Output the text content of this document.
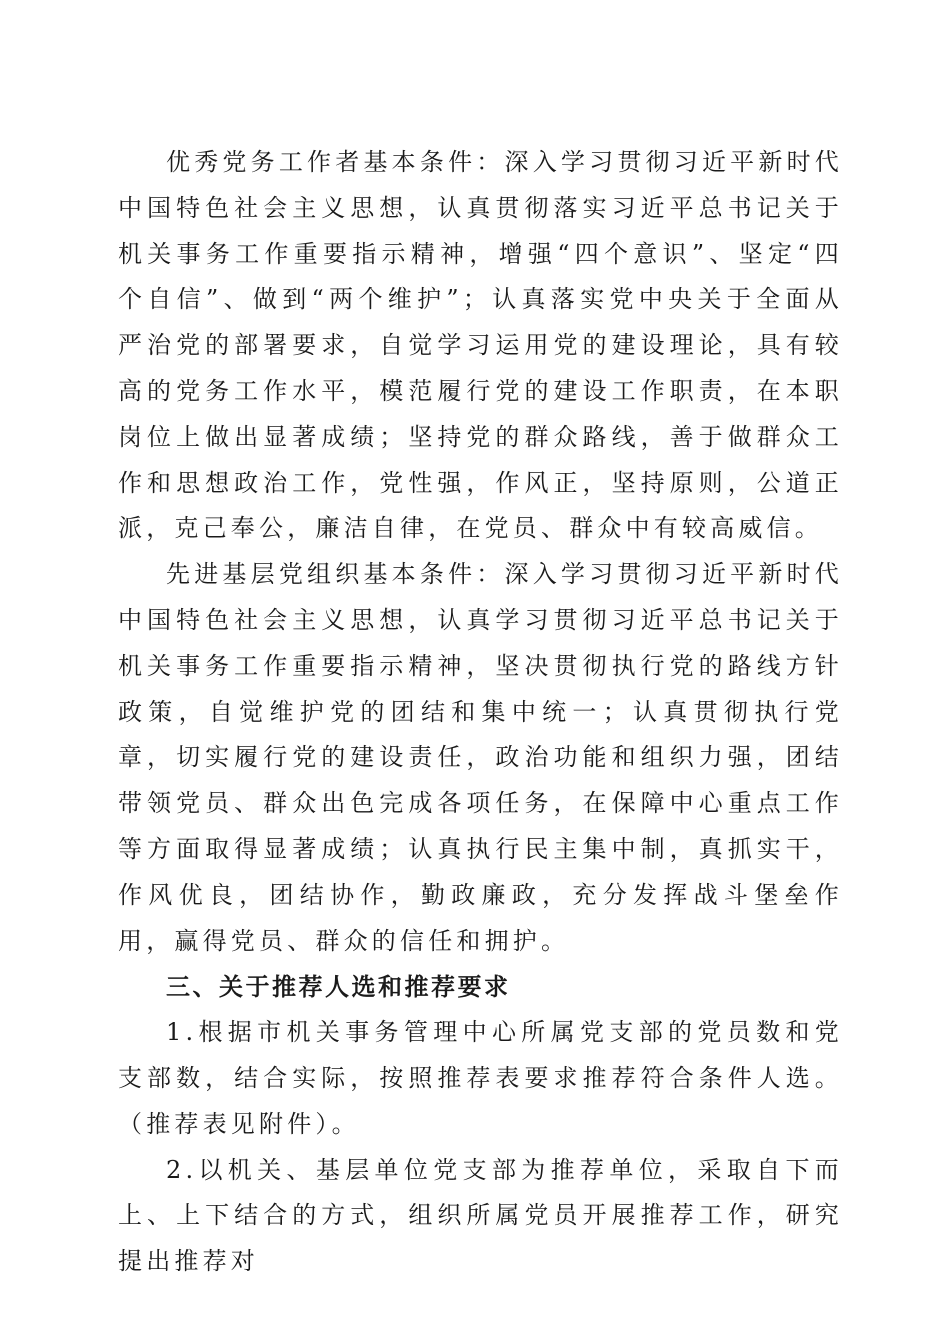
优秀党务工作者基本条件：深入学习贯彻习近平新时代中国特色社会主义思想，认真贯彻落实习近平总书记关于机关事务工作重要指示精神，增强“四个意识”、坚定“四个自信”、做到“两个维护”；认真落实党中央关于全面从严治党的部署要求，自觉学习运用党的建设理论，具有较高的党务工作水平，模范履行党的建设工作职责，在本职岗位上做出显著成绩；坚持党的群众路线，善于做群众工作和思想政治工作，党性强，作风正，坚持原则，公道正派，克己奉公，廉洁自律，在党员、群众中有较高威信。

先进基层党组织基本条件：深入学习贯彻习近平新时代中国特色社会主义思想，认真学习贯彻习近平总书记关于机关事务工作重要指示精神，坚决贯彻执行党的路线方针政策，自觉维护党的团结和集中统一；认真贯彻执行党章，切实履行党的建设责任，政治功能和组织力强，团结带领党员、群众出色完成各项任务，在保障中心重点工作等方面取得显著成绩；认真执行民主集中制，真抓实干，作风优良，团结协作，勤政廉政，充分发挥战斗堡垒作用，赢得党员、群众的信任和拥护。

三、关于推荐人选和推荐要求

1.根据市机关事务管理中心所属党支部的党员数和党支部数，结合实际，按照推荐表要求推荐符合条件人选。（推荐表见附件）。

2.以机关、基层单位党支部为推荐单位，采取自下而上、上下结合的方式，组织所属党员开展推荐工作，研究提出推荐对
